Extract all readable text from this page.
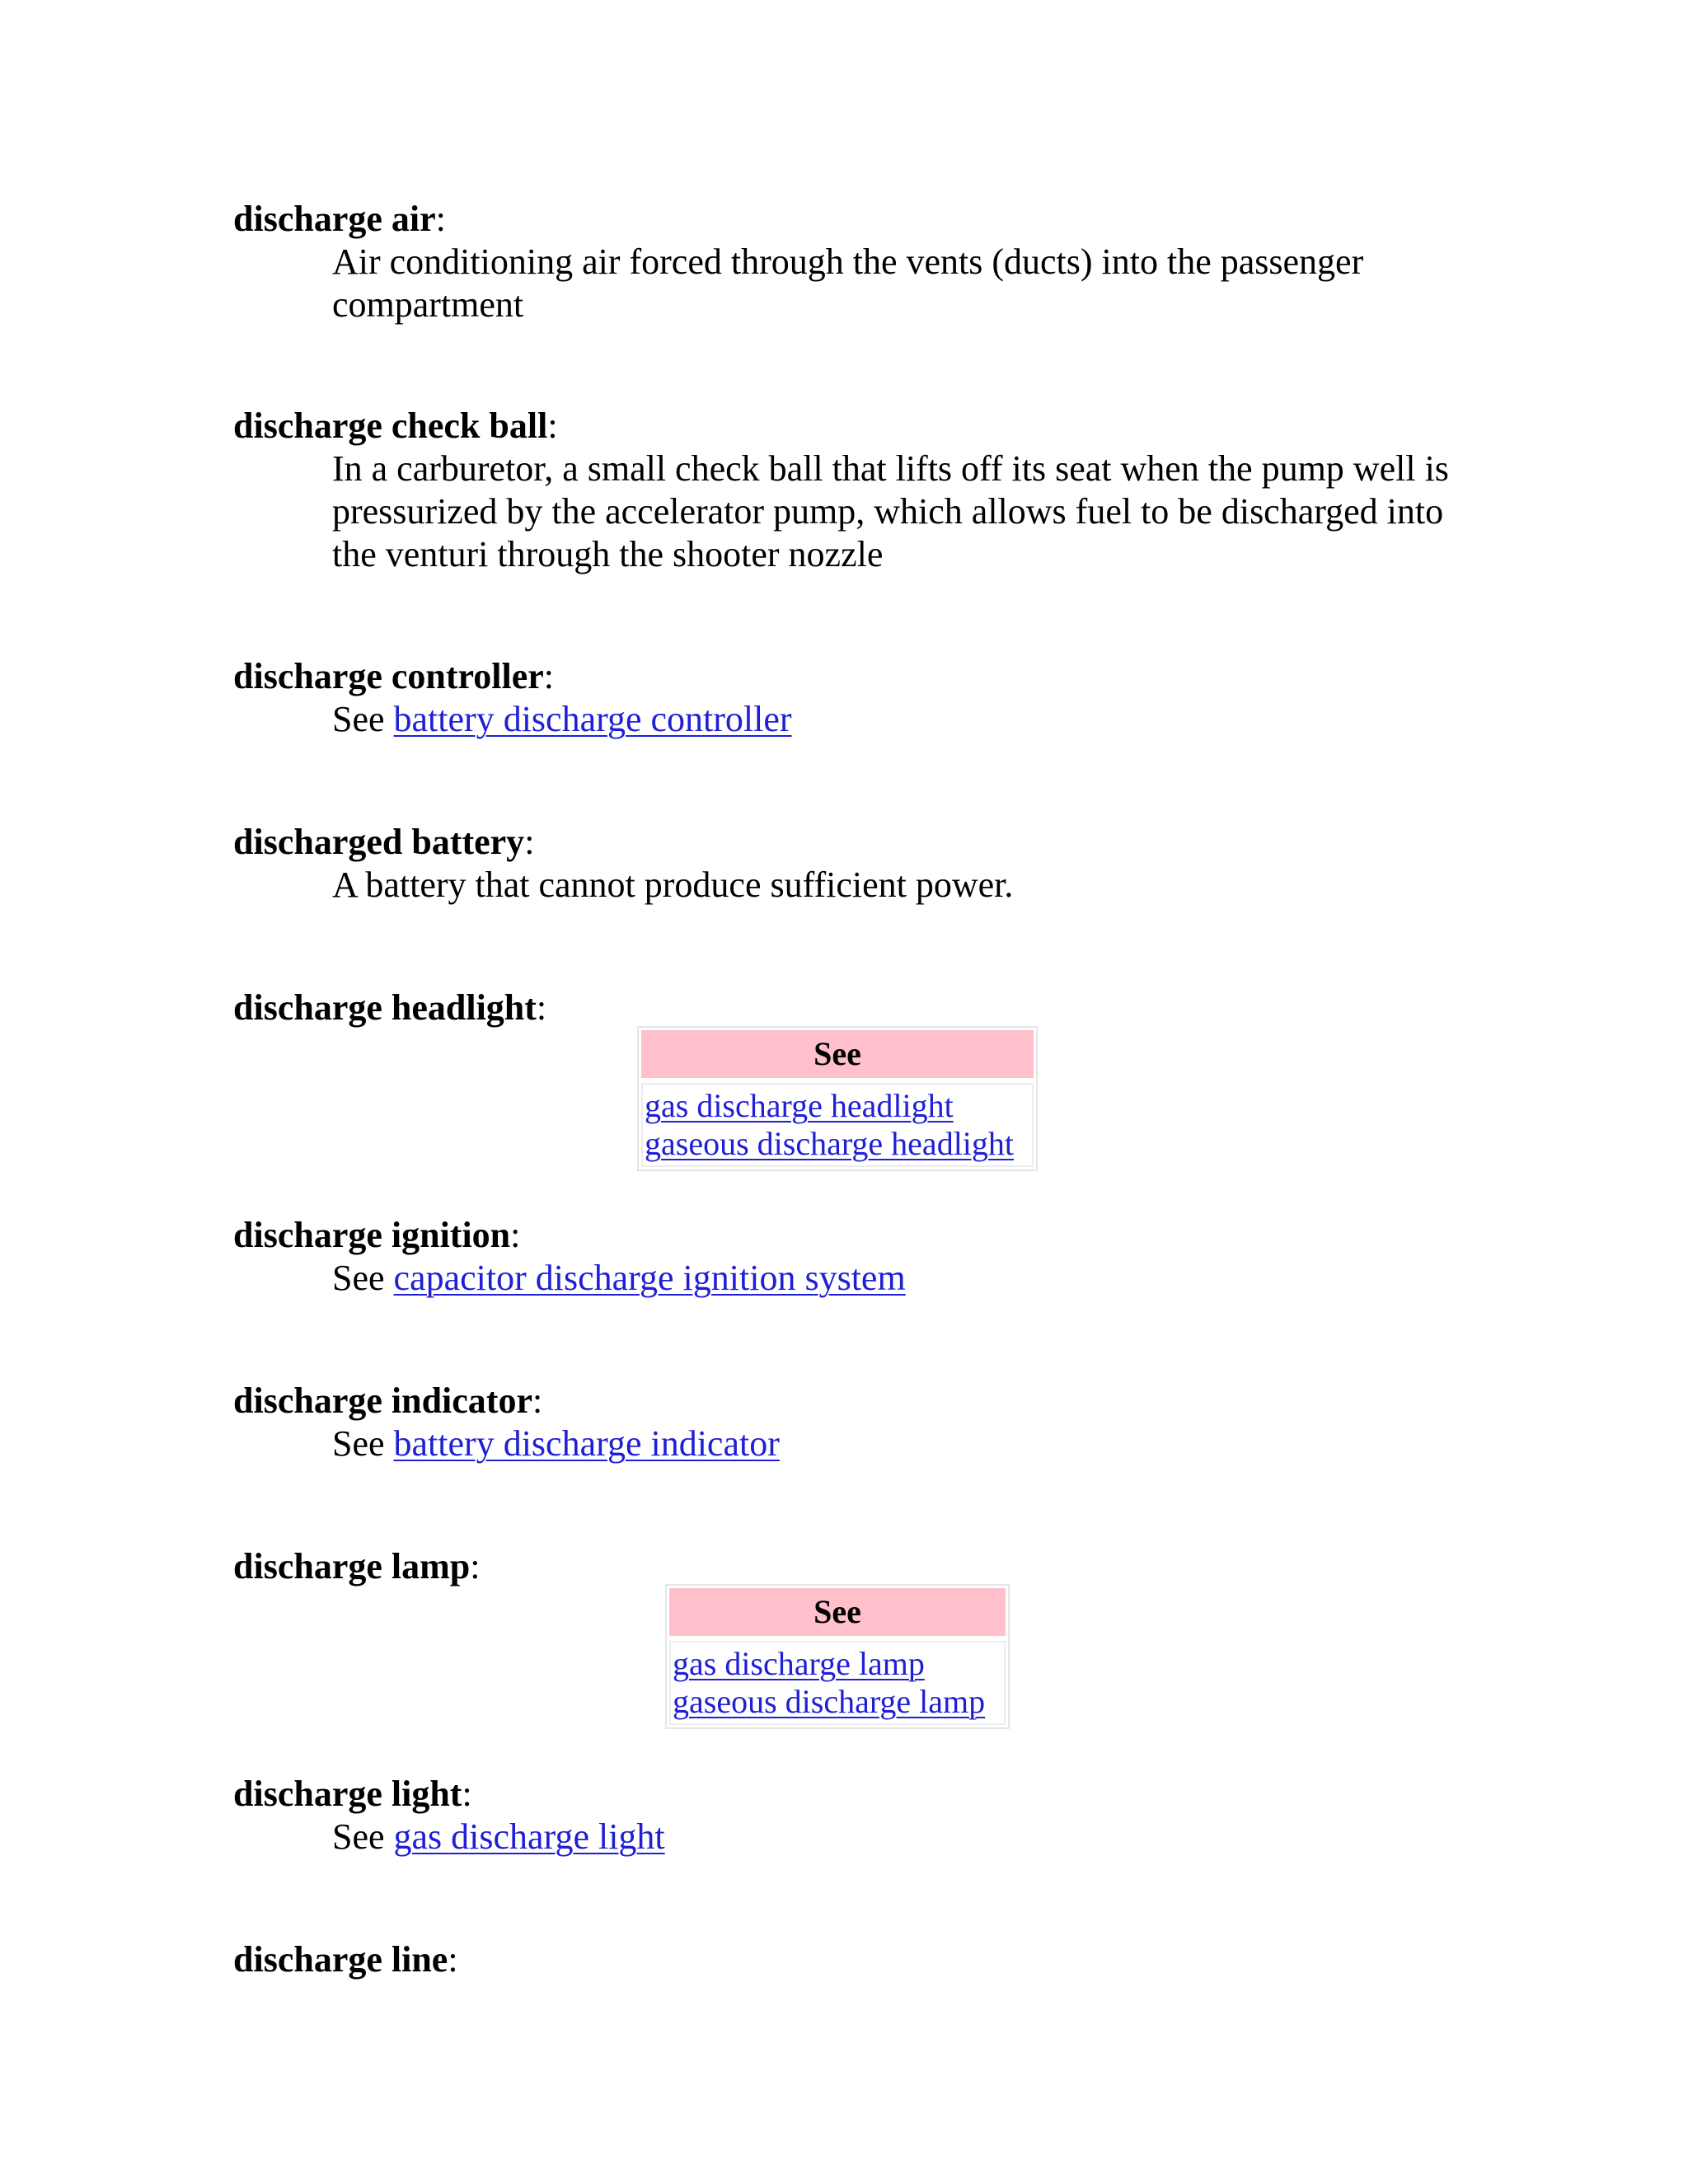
discharge air:
Air conditioning air forced through the vents (ducts) into the passenger compartment
discharge check ball:
In a carburetor, a small check ball that lifts off its seat when the pump well is pressurized by the accelerator pump, which allows fuel to be discharged into the venturi through the shooter nozzle
discharge controller:
See battery discharge controller
discharged battery:
A battery that cannot produce sufficient power.
discharge headlight:
See
gas discharge headlight
gaseous discharge headlight
discharge ignition:
See capacitor discharge ignition system
discharge indicator:
See battery discharge indicator
discharge lamp:
See
gas discharge lamp
gaseous discharge lamp
discharge light:
See gas discharge light
discharge line:
